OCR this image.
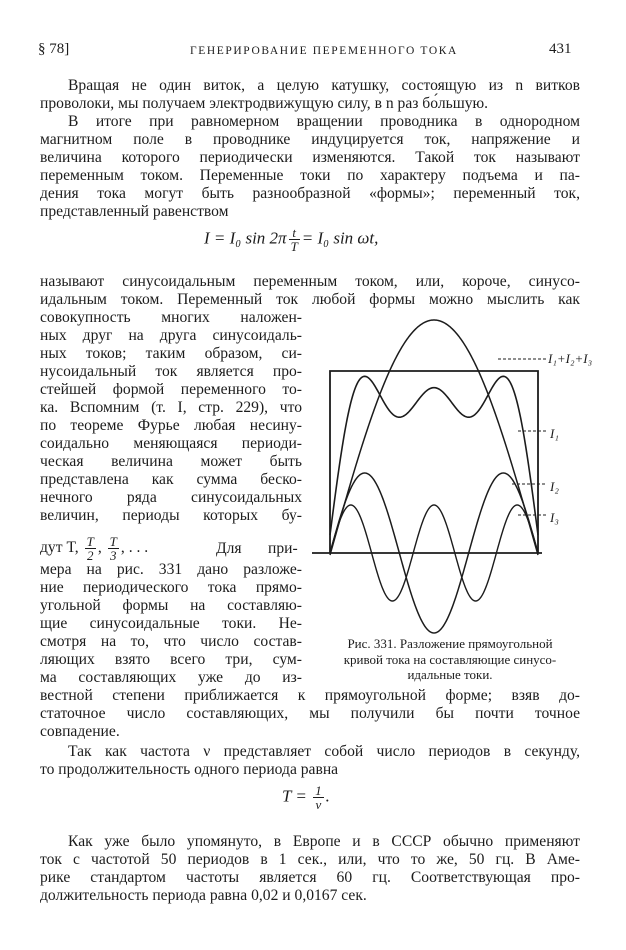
§ 78]	ГЕНЕРИРОВАНИЕ ПЕРЕМЕННОГО ТОКА	431
Вращая не один виток, а целую катушку, состоящую из n витков
проволоки, мы получаем электродвижущую силу, в n раз бо́льшую.
В итоге при равномерном вращении проводника в однородном
магнитном поле в проводнике индуцируется ток, напряжение и
величина которого периодически изменяются. Такой ток называют
переменным током. Переменные токи по характеру подъема и па-
дения тока могут быть разнообразной «формы»; переменный ток,
представленный равенством
I = I₀ $\sin 2\pi \frac{t}{T} = I_0$ sin ωt,
называют синусоидальным переменным током, или, короче, синусо-
идальным током. Переменный ток любой формы можно мыслить как
совокупность многих наложен-
ных друг на друга синусоидаль-
ных токов; таким образом, си-
нусоидальный ток является про-
стейшей формой переменного то-
ка. Вспомним (т. I, стр. 229), что
по теореме Фурье любая несину-
соидально меняющаяся периоди-
ческая величина может быть
представлена как сумма беско-
нечного ряда синусоидальных
величин, периоды которых бу-
дут T, $\frac{T}{2}$ , $\frac{T}{3}$ , . . .	Для при-
мера на рис. 331 дано разложе-
ние периодического тока прямо-
угольной формы на составляю-
щие синусоидальные токи. Не-
смотря на то, что число состав-
ляющих взято всего три, сум-
ма составляющих уже до из-
вестной степени приближается к прямоугольной форме; взяв до-
статочное число составляющих, мы получили бы почти точное
совпадение.
Так как частота ν представляет собой число периодов в секунду,
то продолжительность одного периода равна
$T = \frac{1}{\nu}$ .
Как уже было упомянуто, в Европе и в СССР обычно применяют
ток с частотой 50 периодов в 1 сек., или, что то же, 50 гц. В Аме-
рике стандартом частоты является 60 гц. Соответствующая про-
должительность периода равна 0,02 и 0,0167 сек.
I₁+I₂+I₃
I₁
I₂
I₃
Рис. 331. Разложение прямоугольной
кривой тока на составляющие синусо-
идальные токи.
